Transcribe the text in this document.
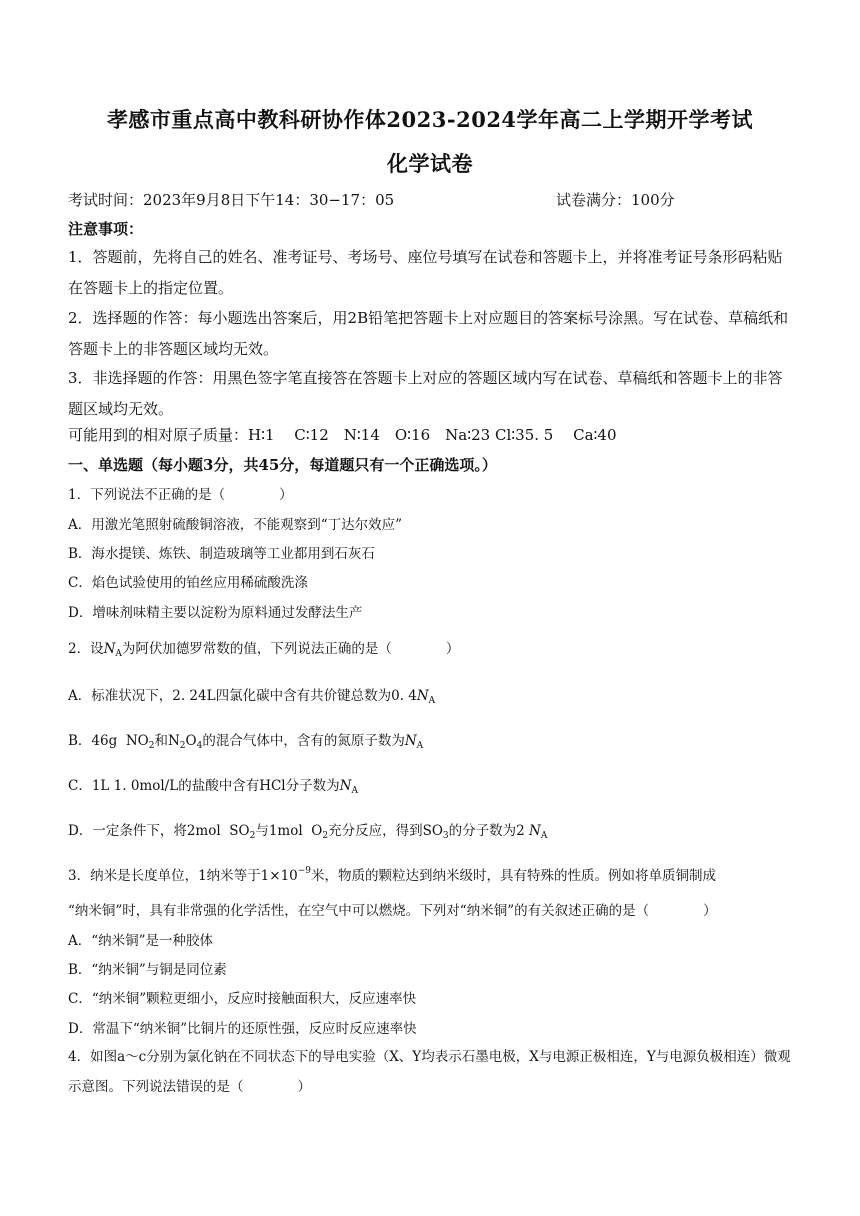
孝感市重点高中教科研协作体2023-2024学年高二上学期开学考试
化学试卷
考试时间：2023年9月8日下午14：30−17：05	试卷满分：100分
注意事项：
1．答题前，先将自己的姓名、准考证号、考场号、座位号填写在试卷和答题卡上，并将准考证号条形码粘贴在答题卡上的指定位置。
2．选择题的作答：每小题选出答案后，用2B铅笔把答题卡上对应题目的答案标号涂黑。写在试卷、草稿纸和答题卡上的非答题区域均无效。
3．非选择题的作答：用黑色签字笔直接答在答题卡上对应的答题区域内写在试卷、草稿纸和答题卡上的非答题区域均无效。
可能用到的相对原子质量：H∶1　 C∶12　N∶14　O∶16　Na∶23 Cl∶35. 5　 Ca∶40
一、单选题（每小题3分，共45分，每道题只有一个正确选项。）
1．下列说法不正确的是（　　　　）
A．用激光笔照射硫酸铜溶液，不能观察到“丁达尔效应”
B．海水提镁、炼铁、制造玻璃等工业都用到石灰石
C．焰色试验使用的铂丝应用稀硫酸洗涤
D．增味剂味精主要以淀粉为原料通过发酵法生产
2．设$N_A$为阿伏加德罗常数的值，下列说法正确的是（　　　　）
A．标准状况下，2. 24L四氯化碳中含有共价键总数为0. $4N_A$
B．46g $NO_2$和$N_2O_4$的混合气体中，含有的氮原子数为$N_A$
C．1L 1. 0mol/L的盐酸中含有HCl分子数为$N_A$
D．一定条件下，将2mol $SO_2$与1mol $O_2$充分反应，得到$SO_3$的分子数为2 $N_A$
3．纳米是长度单位，1纳米等于$1\times 10^{-9}$米，物质的颗粒达到纳米级时，具有特殊的性质。例如将单质铜制成
“纳米铜”时，具有非常强的化学活性，在空气中可以燃烧。下列对“纳米铜”的有关叙述正确的是（　　　　）
A．“纳米铜”是一种胶体
B．“纳米铜”与铜是同位素
C．“纳米铜”颗粒更细小，反应时接触面积大，反应速率快
D．常温下“纳米铜”比铜片的还原性强，反应时反应速率快
4．如图a～c分别为氯化钠在不同状态下的导电实验（X、Y均表示石墨电极，X与电源正极相连，Y与电源负极相连）微观示意图。下列说法错误的是（　　　　）
